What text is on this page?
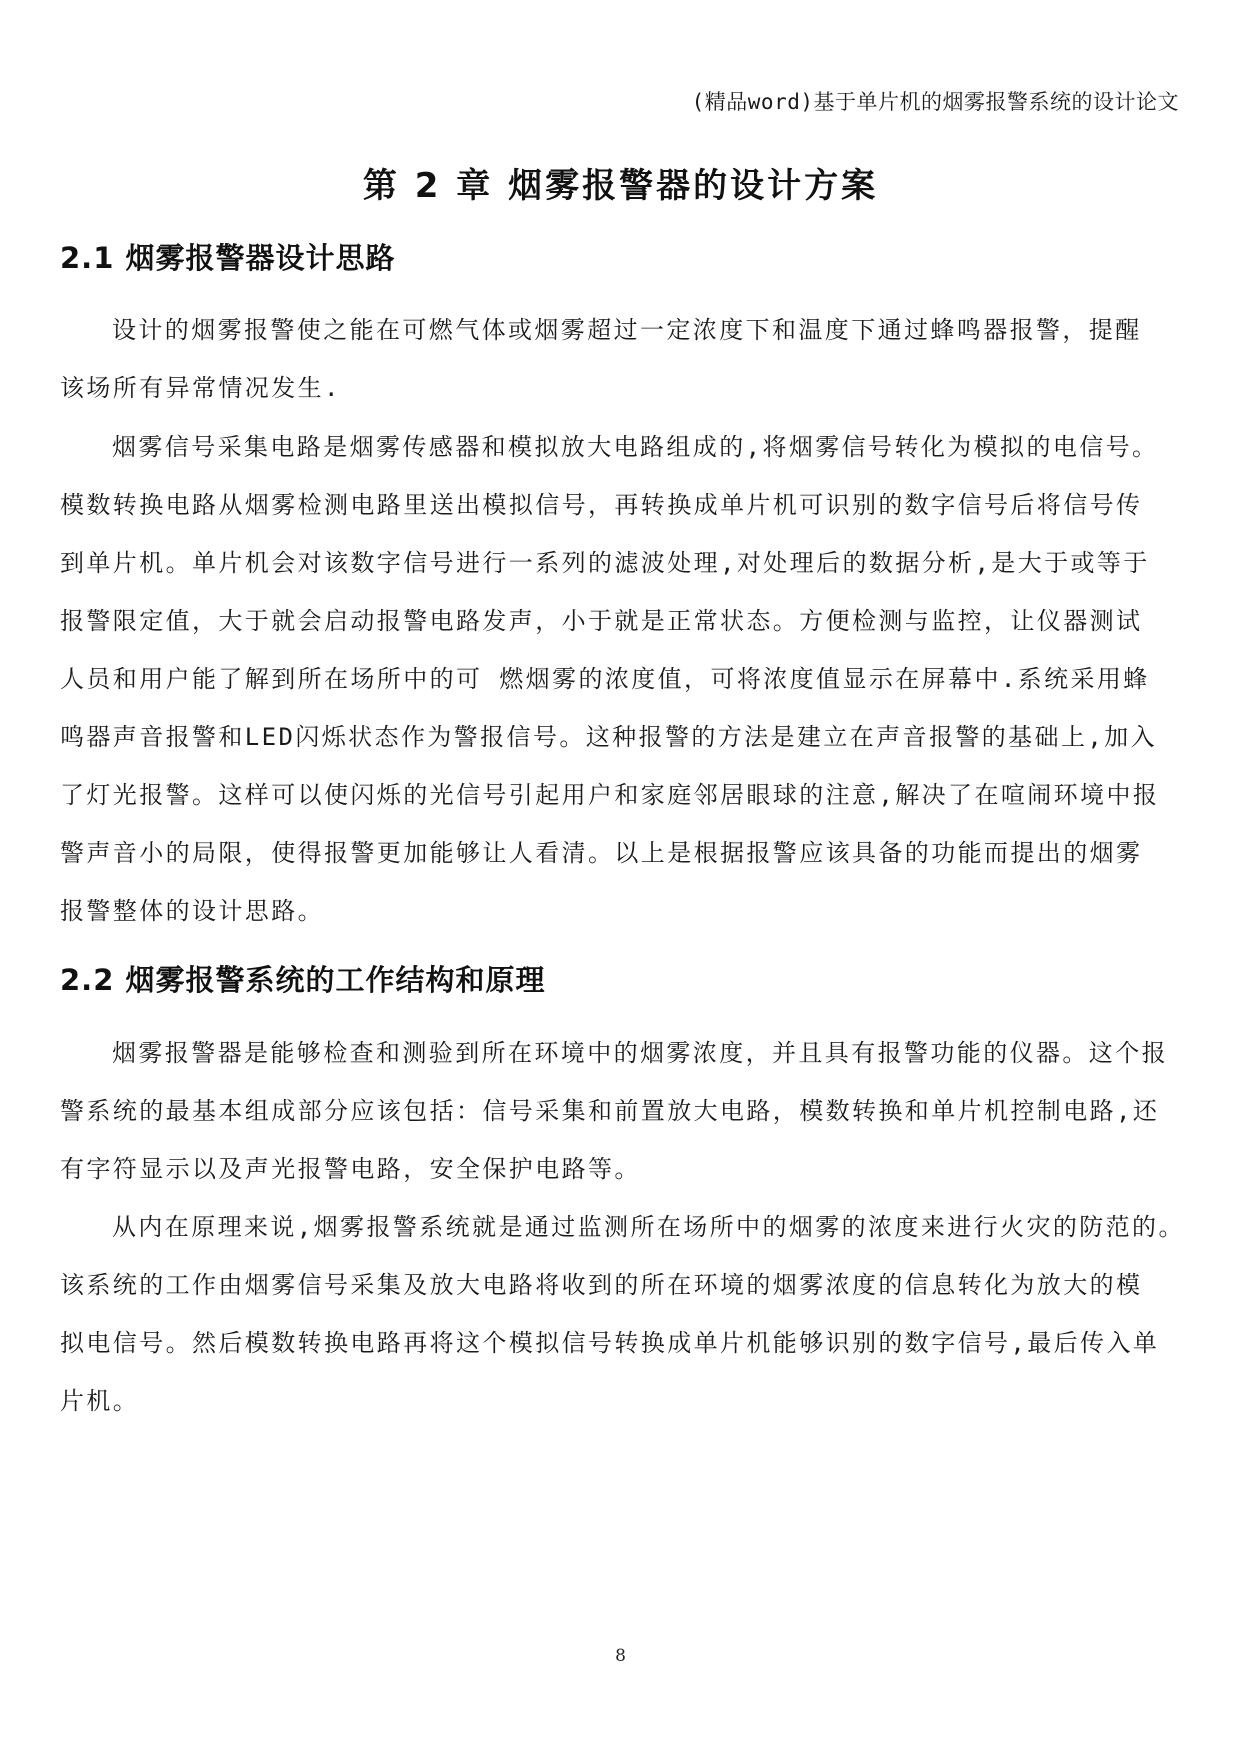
(精品word)基于单片机的烟雾报警系统的设计论文
第 2 章 烟雾报警器的设计方案
2.1 烟雾报警器设计思路
设计的烟雾报警使之能在可燃气体或烟雾超过一定浓度下和温度下通过蜂鸣器报警，提醒
该场所有异常情况发生.
烟雾信号采集电路是烟雾传感器和模拟放大电路组成的,将烟雾信号转化为模拟的电信号。
模数转换电路从烟雾检测电路里送出模拟信号，再转换成单片机可识别的数字信号后将信号传
到单片机。单片机会对该数字信号进行一系列的滤波处理,对处理后的数据分析,是大于或等于
报警限定值，大于就会启动报警电路发声，小于就是正常状态。方便检测与监控，让仪器测试
人员和用户能了解到所在场所中的可 燃烟雾的浓度值，可将浓度值显示在屏幕中.系统采用蜂
鸣器声音报警和LED闪烁状态作为警报信号。这种报警的方法是建立在声音报警的基础上,加入
了灯光报警。这样可以使闪烁的光信号引起用户和家庭邻居眼球的注意,解决了在喧闹环境中报
警声音小的局限，使得报警更加能够让人看清。以上是根据报警应该具备的功能而提出的烟雾
报警整体的设计思路。
2.2 烟雾报警系统的工作结构和原理
烟雾报警器是能够检查和测验到所在环境中的烟雾浓度，并且具有报警功能的仪器。这个报
警系统的最基本组成部分应该包括：信号采集和前置放大电路，模数转换和单片机控制电路,还
有字符显示以及声光报警电路，安全保护电路等。
从内在原理来说,烟雾报警系统就是通过监测所在场所中的烟雾的浓度来进行火灾的防范的。
该系统的工作由烟雾信号采集及放大电路将收到的所在环境的烟雾浓度的信息转化为放大的模
拟电信号。然后模数转换电路再将这个模拟信号转换成单片机能够识别的数字信号,最后传入单
片机。
8
